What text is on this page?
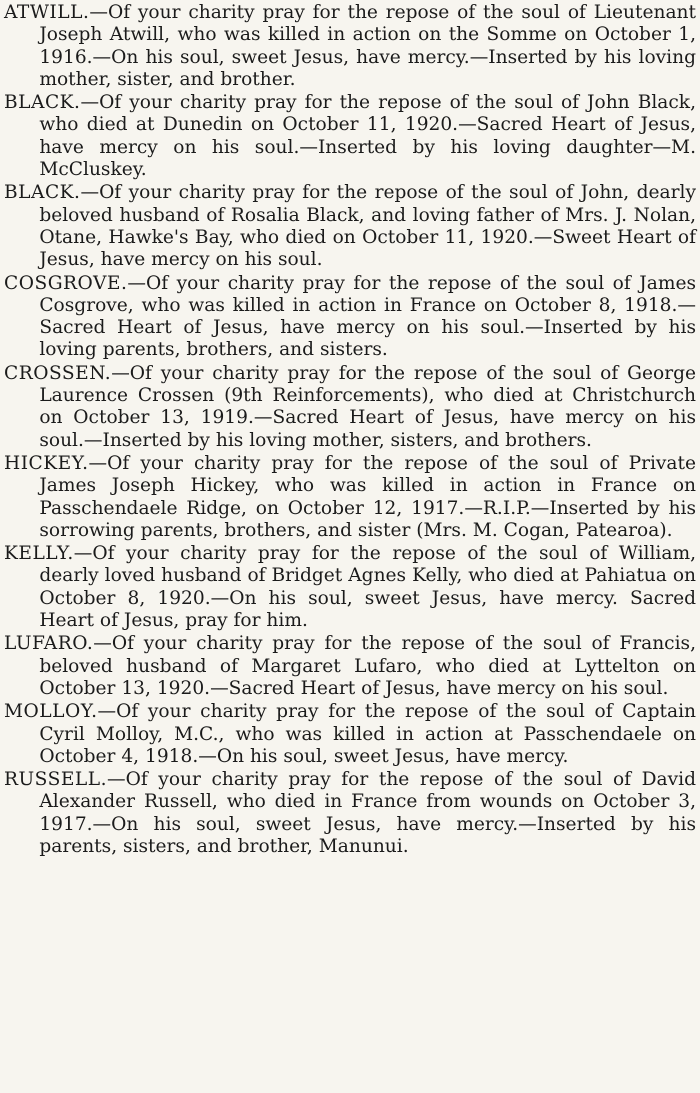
ATWILL.—Of your charity pray for the repose of the soul of Lieutenant Joseph Atwill, who was killed in action on the Somme on October 1, 1916.—On his soul, sweet Jesus, have mercy.—Inserted by his loving mother, sister, and brother.

BLACK.—Of your charity pray for the repose of the soul of John Black, who died at Dunedin on October 11, 1920.—Sacred Heart of Jesus, have mercy on his soul.—Inserted by his loving daughter—M. McCluskey.

BLACK.—Of your charity pray for the repose of the soul of John, dearly beloved husband of Rosalia Black, and loving father of Mrs. J. Nolan, Otane, Hawke's Bay, who died on October 11, 1920.—Sweet Heart of Jesus, have mercy on his soul.

COSGROVE.—Of your charity pray for the repose of the soul of James Cosgrove, who was killed in action in France on October 8, 1918.—Sacred Heart of Jesus, have mercy on his soul.—Inserted by his loving parents, brothers, and sisters.

CROSSEN.—Of your charity pray for the repose of the soul of George Laurence Crossen (9th Reinforcements), who died at Christchurch on October 13, 1919.—Sacred Heart of Jesus, have mercy on his soul.—Inserted by his loving mother, sisters, and brothers.

HICKEY.—Of your charity pray for the repose of the soul of Private James Joseph Hickey, who was killed in action in France on Passchendaele Ridge, on October 12, 1917.—R.I.P.—Inserted by his sorrowing parents, brothers, and sister (Mrs. M. Cogan, Patearoa).

KELLY.—Of your charity pray for the repose of the soul of William, dearly loved husband of Bridget Agnes Kelly, who died at Pahiatua on October 8, 1920.—On his soul, sweet Jesus, have mercy. Sacred Heart of Jesus, pray for him.

LUFARO.—Of your charity pray for the repose of the soul of Francis, beloved husband of Margaret Lufaro, who died at Lyttelton on October 13, 1920.—Sacred Heart of Jesus, have mercy on his soul.

MOLLOY.—Of your charity pray for the repose of the soul of Captain Cyril Molloy, M.C., who was killed in action at Passchendaele on October 4, 1918.—On his soul, sweet Jesus, have mercy.

RUSSELL.—Of your charity pray for the repose of the soul of David Alexander Russell, who died in France from wounds on October 3, 1917.—On his soul, sweet Jesus, have mercy.—Inserted by his parents, sisters, and brother, Manunui.
